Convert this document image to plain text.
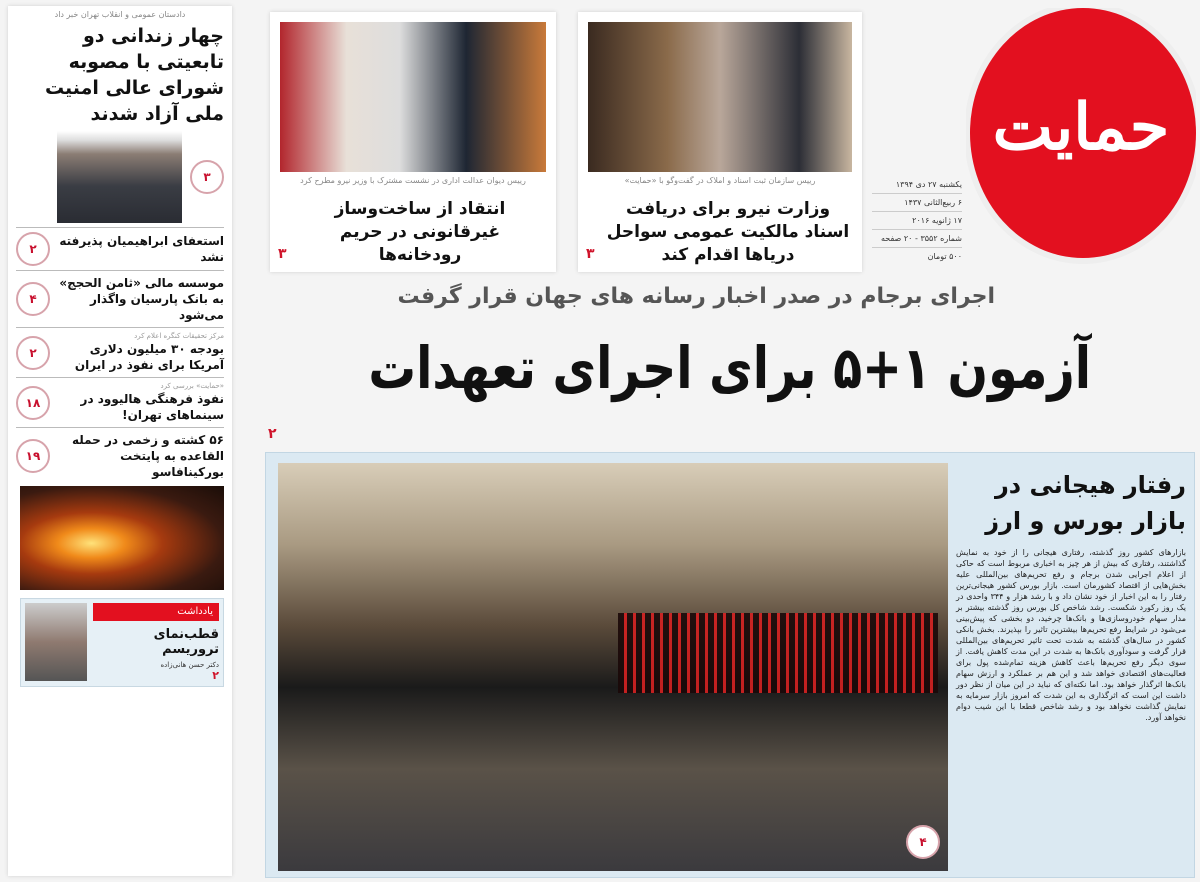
دادستان عمومی و انقلاب تهران خبر داد
چهار زندانی دو تابعیتی با مصوبه شورای عالی امنیت ملی آزاد شدند
۳
استعفای ابراهیمیان پذیرفته نشد
۲
موسسه مالی «ثامن الحجج» به بانک پارسیان واگذار می‌شود
۴
مرکز تحقیقات کنگره اعلام کرد
بودجه ۳۰ میلیون دلاری آمریکا برای نفوذ در ایران
۲
«حمایت» بررسی کرد
نفوذ فرهنگی هالیوود در سینماهای تهران!
۱۸
۵۶ کشته و زخمی در حمله القاعده به پایتخت بورکینافاسو
۱۹
یادداشت
قطب‌نمای تروریسم
دکتر حسن هانی‌زاده
۲
رییس سازمان ثبت اسناد و املاک در گفت‌وگو با «حمایت»
وزارت نیرو برای دریافت اسناد مالکیت عمومی سواحل دریاها اقدام کند
۳
رییس دیوان عدالت اداری در نشست مشترک با وزیر نیرو مطرح کرد
انتقاد از ساخت‌وساز غیرقانونی در حریم رودخانه‌ها
۳
حمایت
یکشنبه ۲۷ دی ۱۳۹۴
۶ ربیع‌الثانی ۱۴۳۷
۱۷ ژانویه ۲۰۱۶
شماره ۳۵۵۲ - ۲۰ صفحه
۵۰۰ تومان
اجرای برجام در صدر اخبار رسانه های جهان قرار گرفت
آزمون ۱+۵ برای اجرای تعهدات
۲
۴
رفتار هیجانی در بازار بورس و ارز
بازارهای کشور روز گذشته، رفتاری هیجانی را از خود به نمایش گذاشتند، رفتاری که بیش از هر چیز به اخباری مربوط است که حاکی از اعلام اجرایی شدن برجام و رفع تحریم‌های بین‌المللی علیه بخش‌هایی از اقتصاد کشورمان است. بازار بورس کشور هیجانی‌ترین رفتار را به این اخبار از خود نشان داد و با رشد هزار و ۳۴۴ واحدی در یک روز رکورد شکست. رشد شاخص کل بورس روز گذشته بیشتر بر مدار سهام خودروسازی‌ها و بانک‌ها چرخید، دو بخشی که پیش‌بینی می‌شود در شرایط رفع تحریم‌ها بیشترین تاثیر را بپذیرند. بخش بانکی کشور در سال‌های گذشته به شدت تحت تاثیر تحریم‌های بین‌المللی قرار گرفت و سودآوری بانک‌ها به شدت در این مدت کاهش یافت. از سوی دیگر رفع تحریم‌ها باعث کاهش هزینه تمام‌شده پول برای فعالیت‌های اقتصادی خواهد شد و این هم بر عملکرد و ارزش سهام بانک‌ها اثرگذار خواهد بود. اما نکته‌ای که نباید در این میان از نظر دور داشت این است که اثرگذاری به این شدت که امروز بازار سرمایه به نمایش گذاشت نخواهد بود و رشد شاخص قطعا با این شیب دوام نخواهد آورد.
